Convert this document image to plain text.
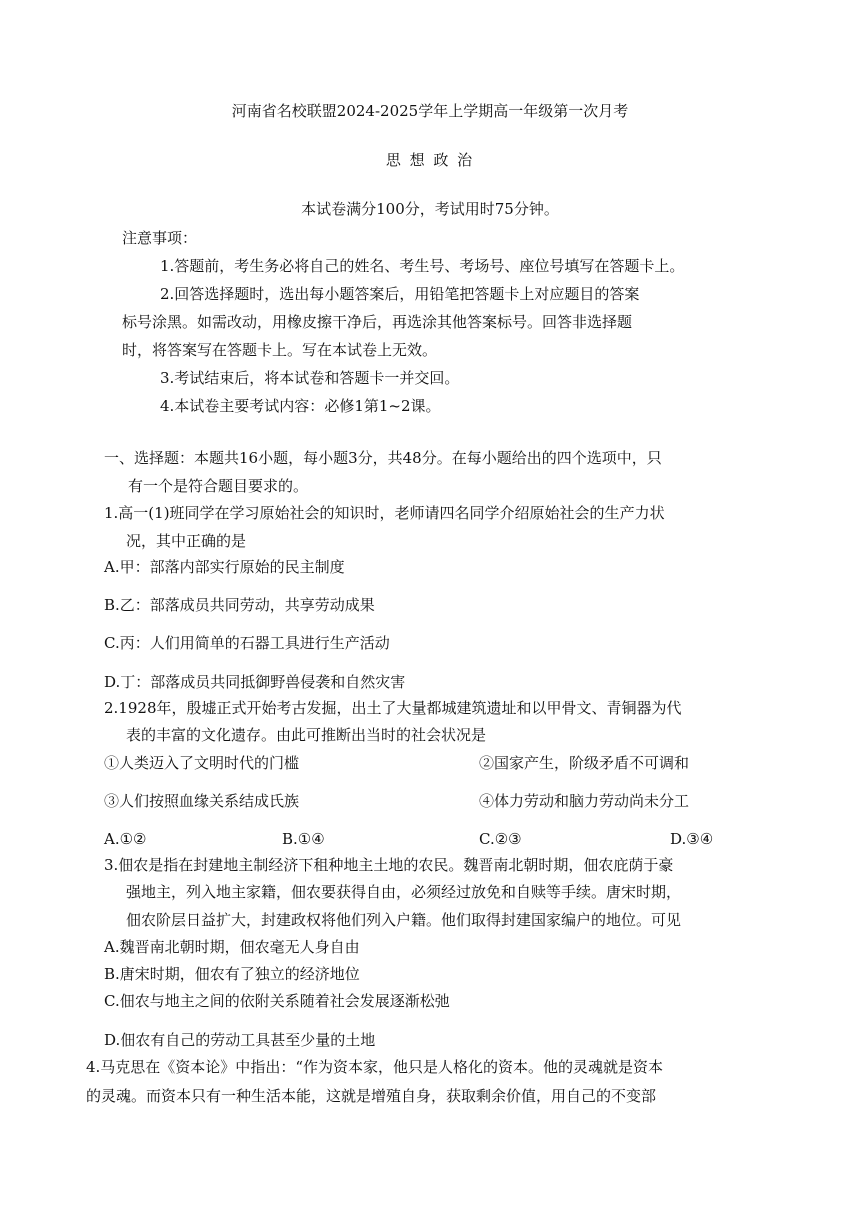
河南省名校联盟2024-2025学年上学期高一年级第一次月考
思 想 政 治
本试卷满分100分，考试用时75分钟。
注意事项：
1.答题前，考生务必将自己的姓名、考生号、考场号、座位号填写在答题卡上。
2.回答选择题时，选出每小题答案后，用铅笔把答题卡上对应题目的答案
标号涂黑。如需改动，用橡皮擦干净后，再选涂其他答案标号。回答非选择题
时，将答案写在答题卡上。写在本试卷上无效。
3.考试结束后，将本试卷和答题卡一并交回。
4.本试卷主要考试内容：必修1第1~2课。
一、选择题：本题共16小题，每小题3分，共48分。在每小题给出的四个选项中，只
有一个是符合题目要求的。
1.高一(1)班同学在学习原始社会的知识时，老师请四名同学介绍原始社会的生产力状
况，其中正确的是
A.甲：部落内部实行原始的民主制度
B.乙：部落成员共同劳动，共享劳动成果
C.丙：人们用简单的石器工具进行生产活动
D.丁：部落成员共同抵御野兽侵袭和自然灾害
2.1928年，殷墟正式开始考古发掘，出土了大量都城建筑遗址和以甲骨文、青铜器为代
表的丰富的文化遗存。由此可推断出当时的社会状况是
①人类迈入了文明时代的门槛	②国家产生，阶级矛盾不可调和
③人们按照血缘关系结成氏族	④体力劳动和脑力劳动尚未分工
A.①②	B.①④	C.②③	D.③④
3.佃农是指在封建地主制经济下租种地主土地的农民。魏晋南北朝时期，佃农庇荫于豪
强地主，列入地主家籍，佃农要获得自由，必须经过放免和自赎等手续。唐宋时期，
佃农阶层日益扩大，封建政权将他们列入户籍。他们取得封建国家编户的地位。可见
A.魏晋南北朝时期，佃农毫无人身自由
B.唐宋时期，佃农有了独立的经济地位
C.佃农与地主之间的依附关系随着社会发展逐渐松弛
D.佃农有自己的劳动工具甚至少量的土地
4.马克思在《资本论》中指出：“作为资本家，他只是人格化的资本。他的灵魂就是资本
的灵魂。而资本只有一种生活本能，这就是增殖自身，获取剩余价值，用自己的不变部
